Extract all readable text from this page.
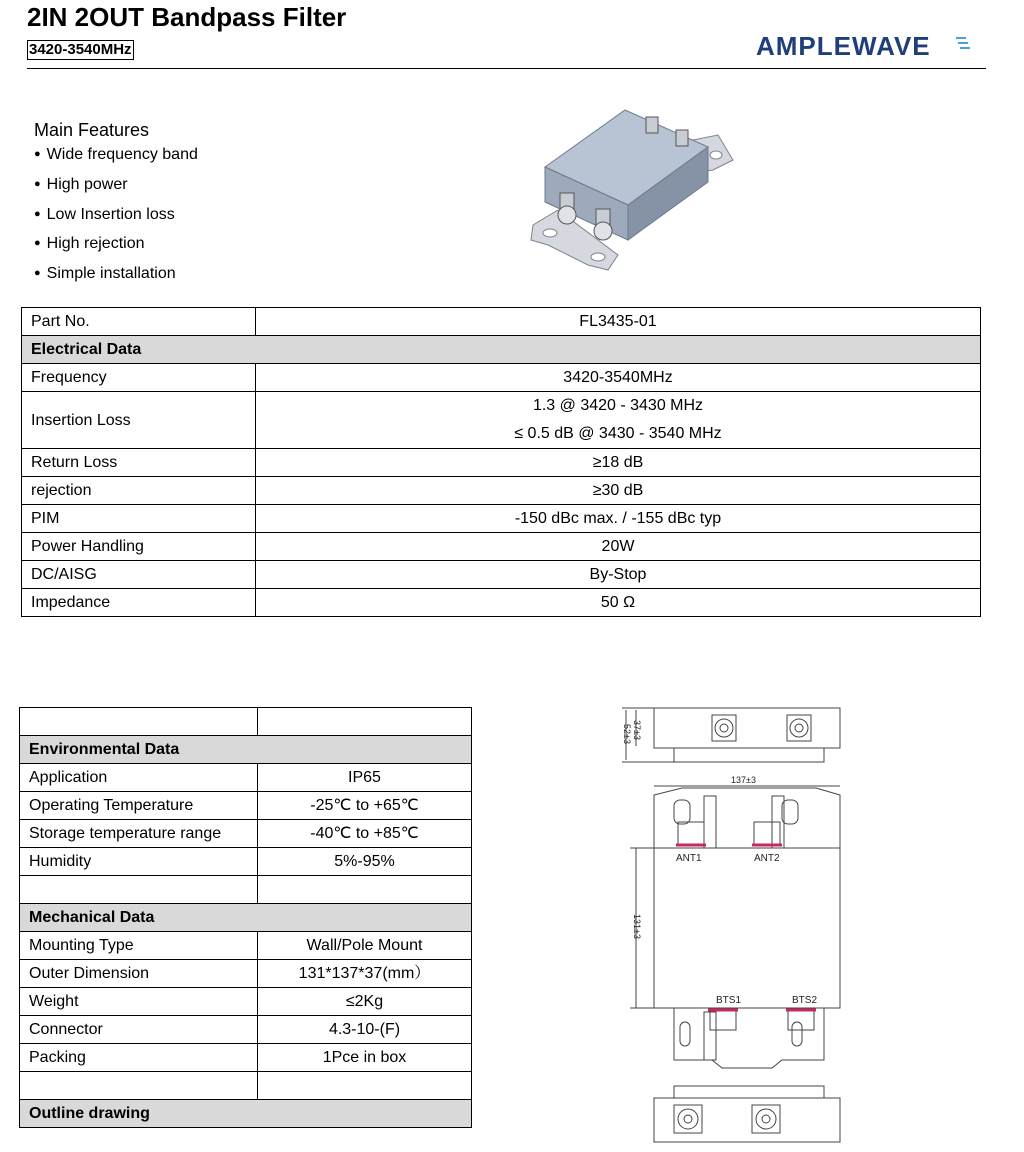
2IN 2OUT Bandpass Filter
3420-3540MHz	AMPLEWAVE
Main Features
● Wide frequency band
● High power
● Low Insertion loss
● High rejection
● Simple installation
Part No.	FL3435-01
Electrical Data	
Frequency	3420-3540MHz
Insertion Loss	1.3 @ 3420 - 3430 MHz
≤ 0.5 dB @ 3430 - 3540 MHz

Return Loss	≥18 dB
rejection	≥30 dB
PIM	-150 dBc max. / -155 dBc typ
Power Handling	20W
DC/AISG	By-Stop
Impedance	50 Ω

Environmental Data	
Application	IP65
Operating Temperature	-25℃ to +65℃
Storage temperature range	-40℃ to +85℃
Humidity	5%-95%

Mechanical Data	
Mounting Type	Wall/Pole Mount
Outer Dimension	131*137*37(mm）
Weight	≤2Kg
Connector	4.3-10-(F)
Packing	1Pce in box

Outline drawing	
37±3
52±3
137±3
131±3
ANT1	ANT2
BTS1	BTS2
